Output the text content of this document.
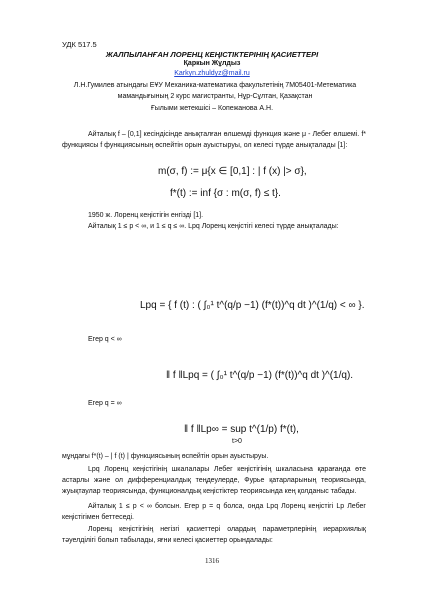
УДК 517.5
ЖАЛПЫЛАНҒАН ЛОРЕНЦ КЕҢІСТІКТЕРІНІҢ ҚАСИЕТТЕРІ
Қаркын Жұлдыз
Karkyn.zhuldyz@mail.ru
Л.Н.Гумилев атындағы ЕҰУ Механика-математика факультетінің 7М05401-Метематика мамандығының 2 курс магистранты, Нұр-Сұлтан, Қазақстан
Ғылыми жетекшісі – Копежанова А.Н.
Айталық f – [0,1] кесіндісінде анықталған өлшемді функция және μ - Лебег өлшемі. f* функциясы f функциясының өспейтін орын ауыстыруы, ол келесі түрде анықталады [1]:
m(σ, f) := μ{x ∈ [0,1] : | f (x) |> σ},
f*(t) := inf {σ : m(σ, f) ≤ t}.
1950 ж. Лоренц кеңістігін енгізді [1].
Айталық 1 ≤ p < ∞, и 1 ≤ q ≤ ∞. Lpq Лоренц кеңістігі келесі түрде анықталады:
Lpq = { f (t) : ( ∫₀¹ t^(q/p −1) (f*(t))^q dt )^(1/q) < ∞ }.
Егер q < ∞
‖ f ‖Lpq = ( ∫₀¹ t^(q/p −1) (f*(t))^q dt )^(1/q).
Егер q = ∞
‖ f ‖Lp∞ = sup t^(1/p) f*(t),
t>0
мұндағы f*(t) – | f (t) | функциясының өспейтін орын ауыстыруы.
Lpq Лоренц кеңістігінің шкалалары Лебег кеңістігінің шкаласына қарағанда өте астарлы және ол дифференциалдық теңдеулерде, Фурье қатарларының теориясында, жуықтаулар теориясында, функционалдық кеңістіктер теориясында кең қолданыс табады.
Айталық 1 ≤ p < ∞ болсын. Егер p = q болса, онда Lpq Лоренц кеңістігі Lp Лебег кеңістігімен беттеседі.
Лоренц кеңістігінің негізгі қасиеттері олардың параметрлерінің иерархиялық тәуелділігі болып табылады, яғни келесі қасиеттер орындалады:
1316
